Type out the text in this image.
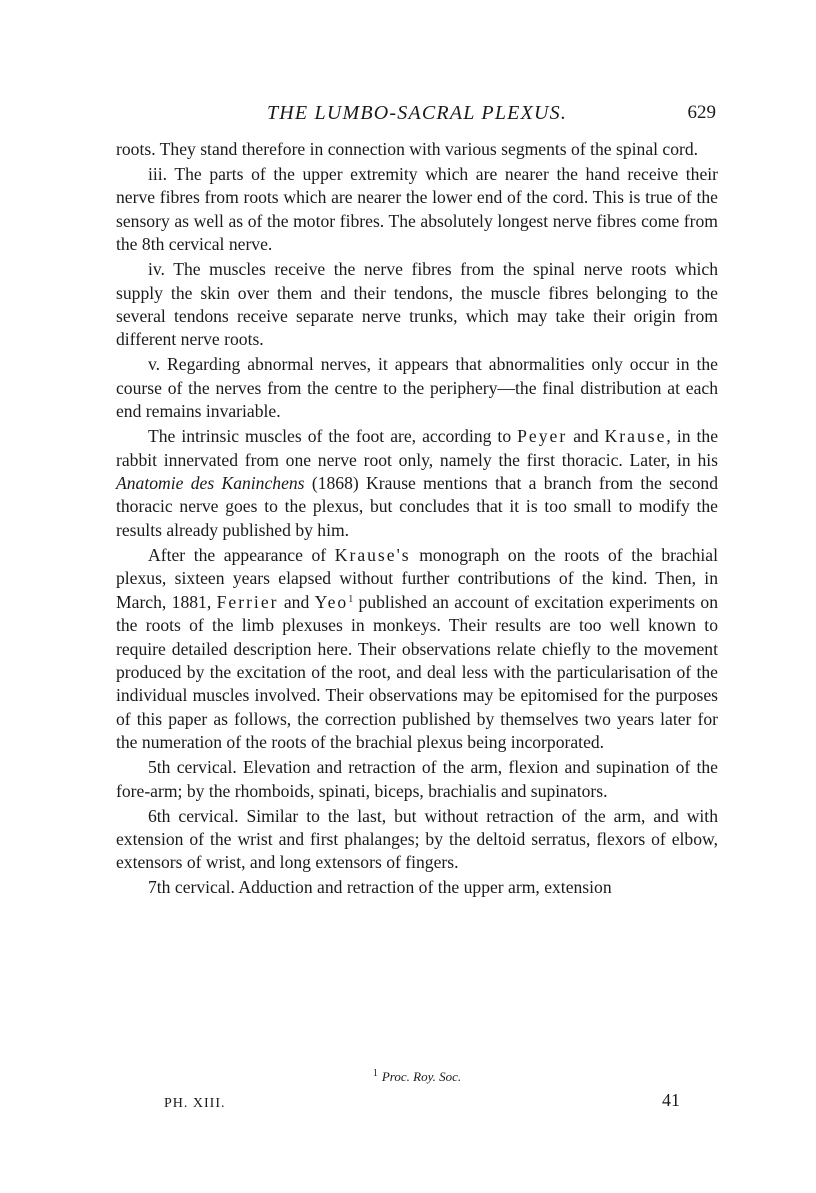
THE LUMBO-SACRAL PLEXUS.	629

roots. They stand therefore in connection with various segments of the spinal cord.

iii. The parts of the upper extremity which are nearer the hand receive their nerve fibres from roots which are nearer the lower end of the cord. This is true of the sensory as well as of the motor fibres. The absolutely longest nerve fibres come from the 8th cervical nerve.

iv. The muscles receive the nerve fibres from the spinal nerve roots which supply the skin over them and their tendons, the muscle fibres belonging to the several tendons receive separate nerve trunks, which may take their origin from different nerve roots.

v. Regarding abnormal nerves, it appears that abnormalities only occur in the course of the nerves from the centre to the periphery—the final distribution at each end remains invariable.

The intrinsic muscles of the foot are, according to Peyer and Krause, in the rabbit innervated from one nerve root only, namely the first thoracic. Later, in his Anatomie des Kaninchens (1868) Krause mentions that a branch from the second thoracic nerve goes to the plexus, but concludes that it is too small to modify the results already published by him.

After the appearance of Krause's monograph on the roots of the brachial plexus, sixteen years elapsed without further contributions of the kind. Then, in March, 1881, Ferrier and Yeo$^1$ published an account of excitation experiments on the roots of the limb plexuses in monkeys. Their results are too well known to require detailed description here. Their observations relate chiefly to the movement produced by the excitation of the root, and deal less with the particularisation of the individual muscles involved. Their observations may be epitomised for the purposes of this paper as follows, the correction published by themselves two years later for the numeration of the roots of the brachial plexus being incorporated.

5th cervical. Elevation and retraction of the arm, flexion and supination of the fore-arm; by the rhomboids, spinati, biceps, brachialis and supinators.

6th cervical. Similar to the last, but without retraction of the arm, and with extension of the wrist and first phalanges; by the deltoid serratus, flexors of elbow, extensors of wrist, and long extensors of fingers.

7th cervical. Adduction and retraction of the upper arm, extension

$^1$ Proc. Roy. Soc.
PH. XIII.	41
